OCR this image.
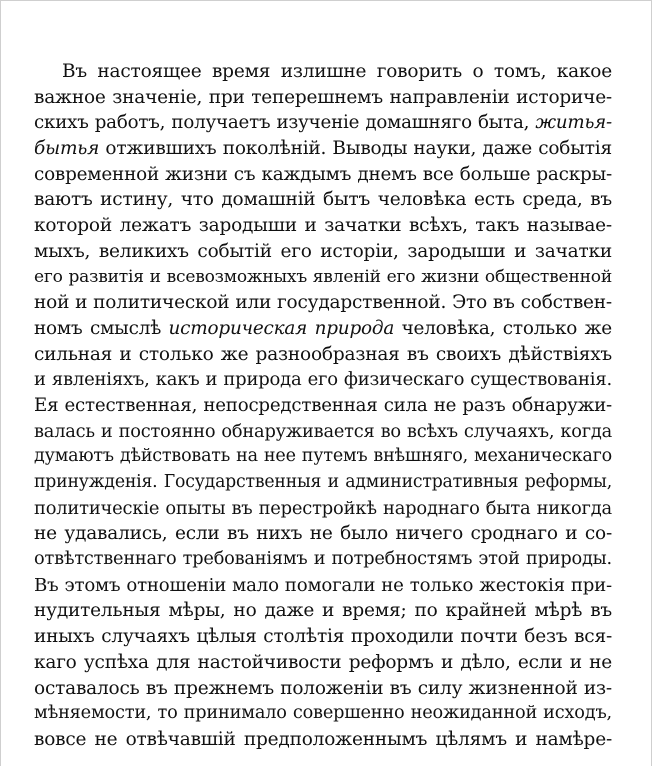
Въ настоящее время излишне говорить о томъ, какое
важное значеніе, при теперешнемъ направленіи историче-
скихъ работъ, получаетъ изученіе домашняго быта, житья-
бытья отжившихъ поколѣній. Выводы науки, даже событія
современной жизни съ каждымъ днемъ все больше раскры-
ваютъ истину, что домашній бытъ человѣка есть среда, въ
которой лежатъ зародыши и зачатки всѣхъ, такъ называе-
мыхъ, великихъ событій его исторіи, зародыши и зачатки
его развитія и всевозможныхъ явленій его жизни общественной
ной и политической или государственной. Это въ собствен-
номъ смыслѣ историческая природа человѣка, столько же
сильная и столько же разнообразная въ своихъ дѣйствіяхъ
и явленіяхъ, какъ и природа его физическаго существованія.
Ея естественная, непосредственная сила не разъ обнаружи-
валась и постоянно обнаруживается во всѣхъ случаяхъ, когда
думаютъ дѣйствовать на нее путемъ внѣшняго, механическаго
принужденія. Государственныя и административныя реформы,
политическіе опыты въ перестройкѣ народнаго быта никогда
не удавались, если въ нихъ не было ничего сроднаго и со-
отвѣтственнаго требованіямъ и потребностямъ этой природы.
Въ этомъ отношеніи мало помогали не только жестокія при-
нудительныя мѣры, но даже и время; по крайней мѣрѣ въ
иныхъ случаяхъ цѣлыя столѣтія проходили почти безъ вся-
каго успѣха для настойчивости реформъ и дѣло, если и не
оставалось въ прежнемъ положеніи въ силу жизненной из-
мѣняемости, то принимало совершенно неожиданной исходъ,
вовсе не отвѣчавшій предположеннымъ цѣлямъ и намѣре-
